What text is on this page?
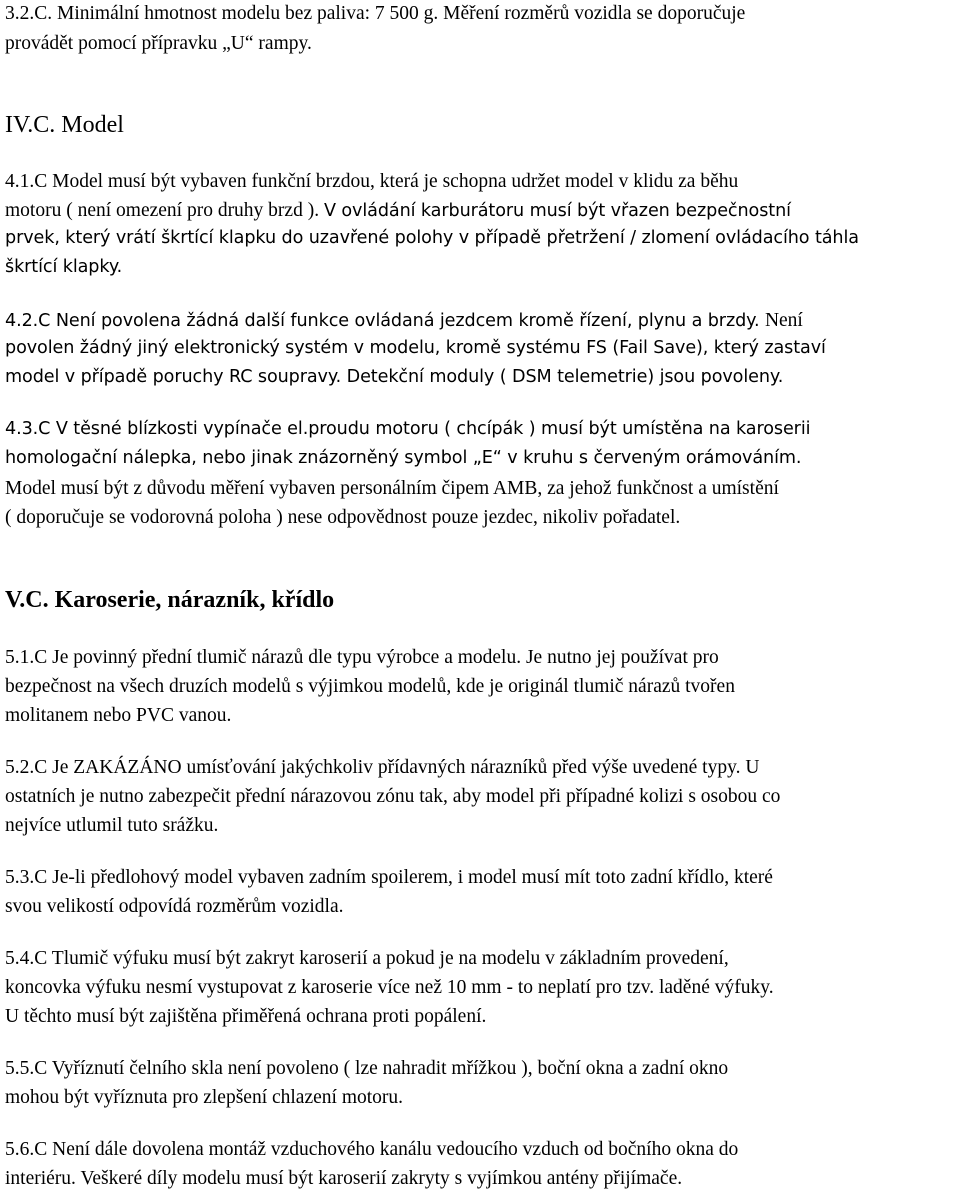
3.2.C. Minimální hmotnost modelu bez paliva: 7 500 g. Měření rozměrů vozidla se doporučuje
provádět pomocí přípravku „U“ rampy.
IV.C. Model
4.1.C Model musí být vybaven funkční brzdou, která je schopna udržet model v klidu za běhu
motoru ( není omezení pro druhy brzd ). V ovládání karburátoru musí být vřazen bezpečnostní
prvek, který vrátí škrtící klapku do uzavřené polohy v případě přetržení / zlomení ovládacího táhla
škrtící klapky.
4.2.C Není povolena žádná další funkce ovládaná jezdcem kromě řízení, plynu a brzdy. Není
povolen žádný jiný elektronický systém v modelu, kromě systému FS (Fail Save), který zastaví
model v případě poruchy RC soupravy. Detekční moduly ( DSM telemetrie) jsou povoleny.
4.3.C V těsné blízkosti vypínače el.proudu motoru ( chcípák ) musí být umístěna na karoserii
homologační nálepka, nebo jinak znázorněný symbol „E“ v kruhu s červeným orámováním.
Model musí být z důvodu měření vybaven personálním čipem AMB, za jehož funkčnost a umístění
( doporučuje se vodorovná poloha ) nese odpovědnost pouze jezdec, nikoliv pořadatel.
V.C. Karoserie, nárazník, křídlo
5.1.C Je povinný přední tlumič nárazů dle typu výrobce a modelu. Je nutno jej používat pro
bezpečnost na všech druzích modelů s výjimkou modelů, kde je originál tlumič nárazů tvořen
molitanem nebo PVC vanou.
5.2.C Je ZAKÁZÁNO umísťování jakýchkoliv přídavných nárazníků před výše uvedené typy. U
ostatních je nutno zabezpečit přední nárazovou zónu tak, aby model při případné kolizi s osobou co
nejvíce utlumil tuto srážku.
5.3.C Je-li předlohový model vybaven zadním spoilerem, i model musí mít toto zadní křídlo, které
svou velikostí odpovídá rozměrům vozidla.
5.4.C Tlumič výfuku musí být zakryt karoserií a pokud je na modelu v základním provedení,
koncovka výfuku nesmí vystupovat z karoserie více než 10 mm - to neplatí pro tzv. laděné výfuky.
U těchto musí být zajištěna přiměřená ochrana proti popálení.
5.5.C Vyříznutí čelního skla není povoleno ( lze nahradit mřížkou ), boční okna a zadní okno
mohou být vyříznuta pro zlepšení chlazení motoru.
5.6.C Není dále dovolena montáž vzduchového kanálu vedoucího vzduch od bočního okna do
interiéru. Veškeré díly modelu musí být karoserií zakryty s vyjímkou antény přijímače.
